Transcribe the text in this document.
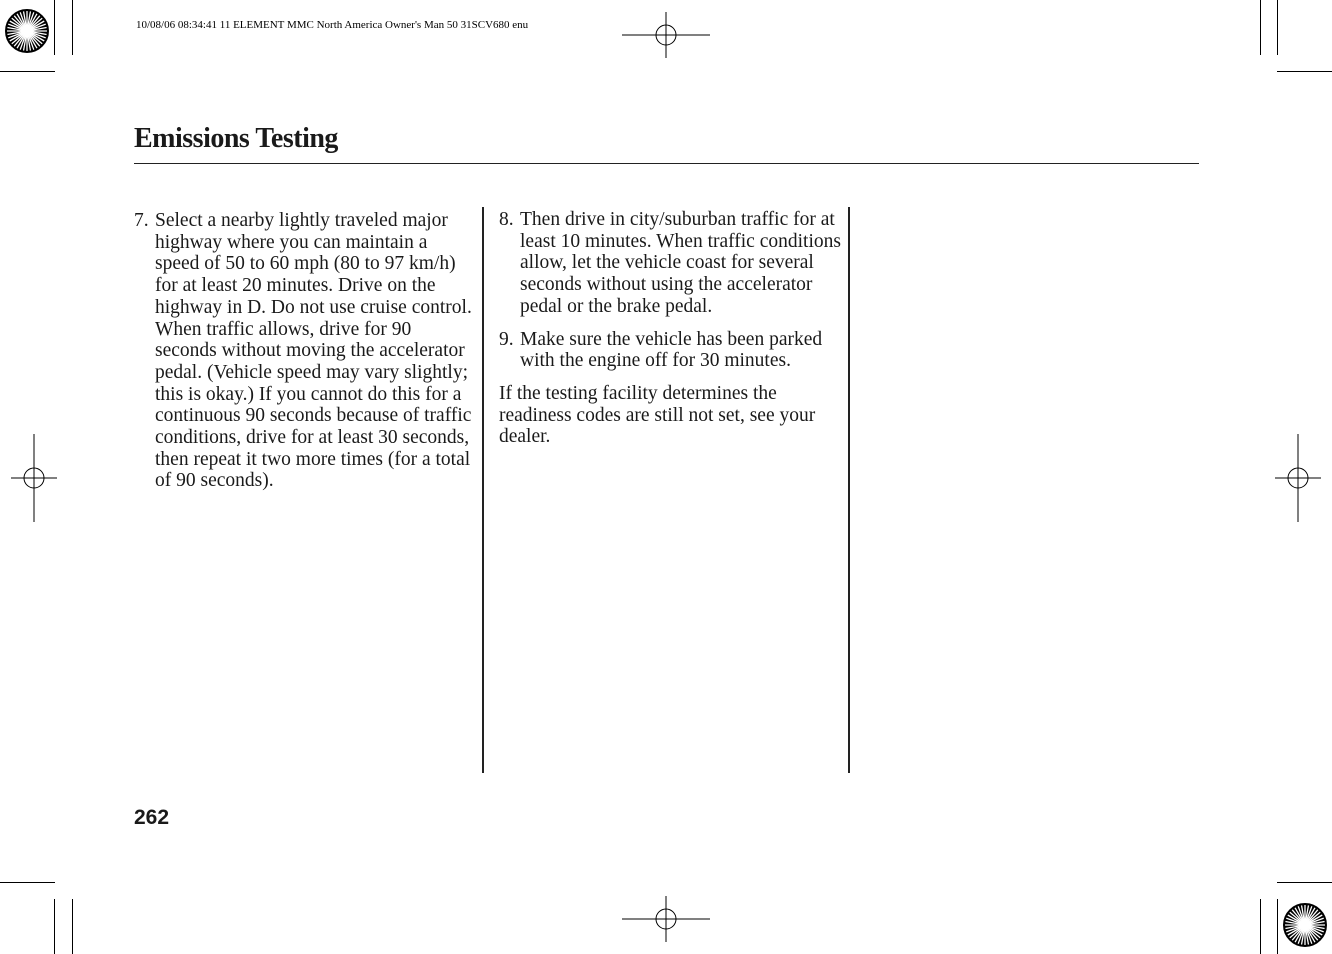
10/08/06 08:34:41 11 ELEMENT MMC North America Owner's Man 50 31SCV680 enu
Emissions Testing

7. Select a nearby lightly traveled major highway where you can maintain a speed of 50 to 60 mph (80 to 97 km/h) for at least 20 minutes. Drive on the highway in D. Do not use cruise control. When traffic allows, drive for 90 seconds without moving the accelerator pedal. (Vehicle speed may vary slightly; this is okay.) If you cannot do this for a continuous 90 seconds because of traffic conditions, drive for at least 30 seconds, then repeat it two more times (for a total of 90 seconds).

8. Then drive in city/suburban traffic for at least 10 minutes. When traffic conditions allow, let the vehicle coast for several seconds without using the accelerator pedal or the brake pedal.

9. Make sure the vehicle has been parked with the engine off for 30 minutes.

If the testing facility determines the readiness codes are still not set, see your dealer.

262
